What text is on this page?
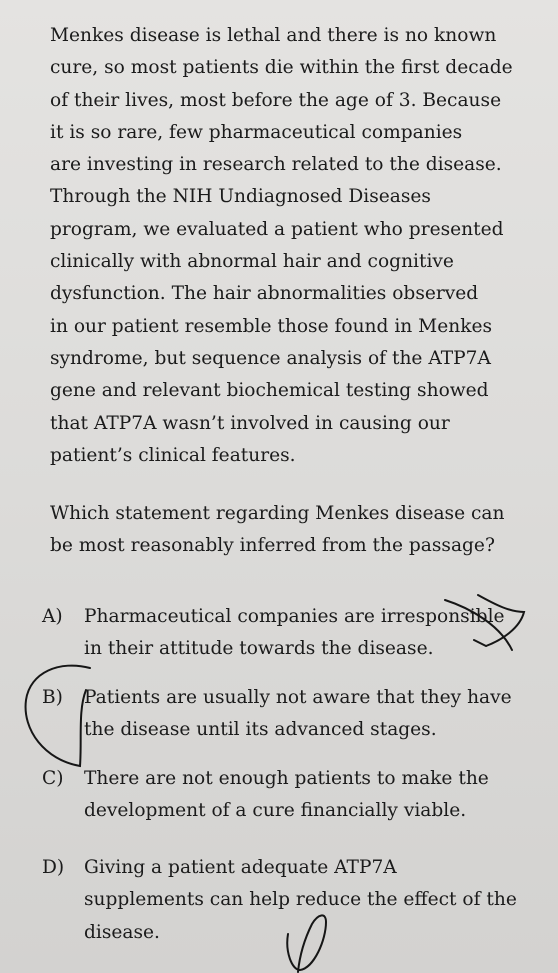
Menkes disease is lethal and there is no known
cure, so most patients die within the first decade
of their lives, most before the age of 3. Because
it is so rare, few pharmaceutical companies
are investing in research related to the disease.
Through the NIH Undiagnosed Diseases
program, we evaluated a patient who presented
clinically with abnormal hair and cognitive
dysfunction. The hair abnormalities observed
in our patient resemble those found in Menkes
syndrome, but sequence analysis of the ATP7A
gene and relevant biochemical testing showed
that ATP7A wasn’t involved in causing our
patient’s clinical features.
Which statement regarding Menkes disease can
be most reasonably inferred from the passage?
A)	Pharmaceutical companies are irresponsible
in their attitude towards the disease.
B)	Patients are usually not aware that they have
the disease until its advanced stages.
C)	There are not enough patients to make the
development of a cure financially viable.
D)	Giving a patient adequate ATP7A
supplements can help reduce the effect of the
disease.
